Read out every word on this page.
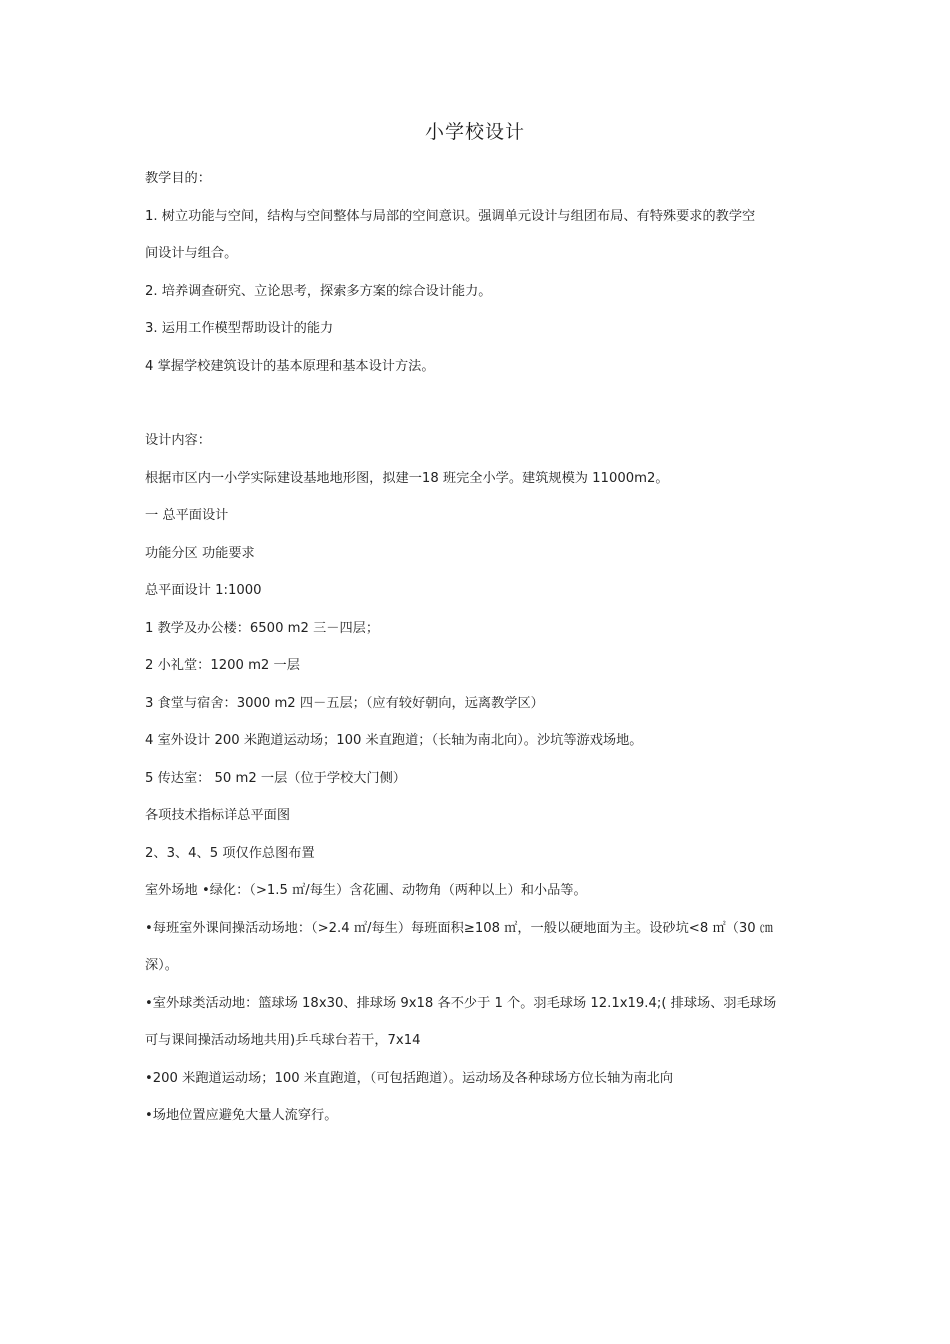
小学校设计
教学目的：
1. 树立功能与空间，结构与空间整体与局部的空间意识。强调单元设计与组团布局、有特殊要求的教学空
间设计与组合。
2. 培养调查研究、立论思考，探索多方案的综合设计能力。
3. 运用工作模型帮助设计的能力
4 掌握学校建筑设计的基本原理和基本设计方法。
设计内容：
根据市区内一小学实际建设基地地形图，拟建一18 班完全小学。建筑规模为 11000m2。
一 总平面设计
功能分区 功能要求
总平面设计 1:1000
1 教学及办公楼：6500 m2 三－四层；
2 小礼堂：1200 m2 一层
3 食堂与宿舍：3000 m2 四－五层；（应有较好朝向，远离教学区）
4 室外设计 200 米跑道运动场；100 米直跑道；（长轴为南北向）。沙坑等游戏场地。
5 传达室： 50 m2 一层（位于学校大门侧）
各项技术指标详总平面图
2、3、4、5 项仅作总图布置
室外场地 •绿化：（>1.5 ㎡/每生）含花圃、动物角（两种以上）和小品等。
•每班室外课间操活动场地：（>2.4 ㎡/每生）每班面积≥108 ㎡，一般以硬地面为主。设砂坑<8 ㎡（30 ㎝
深）。
•室外球类活动地：篮球场 18x30、排球场 9x18 各不少于 1 个。羽毛球场 12.1x19.4;( 排球场、羽毛球场
可与课间操活动场地共用)乒乓球台若干，7x14
•200 米跑道运动场；100 米直跑道，（可包括跑道）。运动场及各种球场方位长轴为南北向
•场地位置应避免大量人流穿行。
